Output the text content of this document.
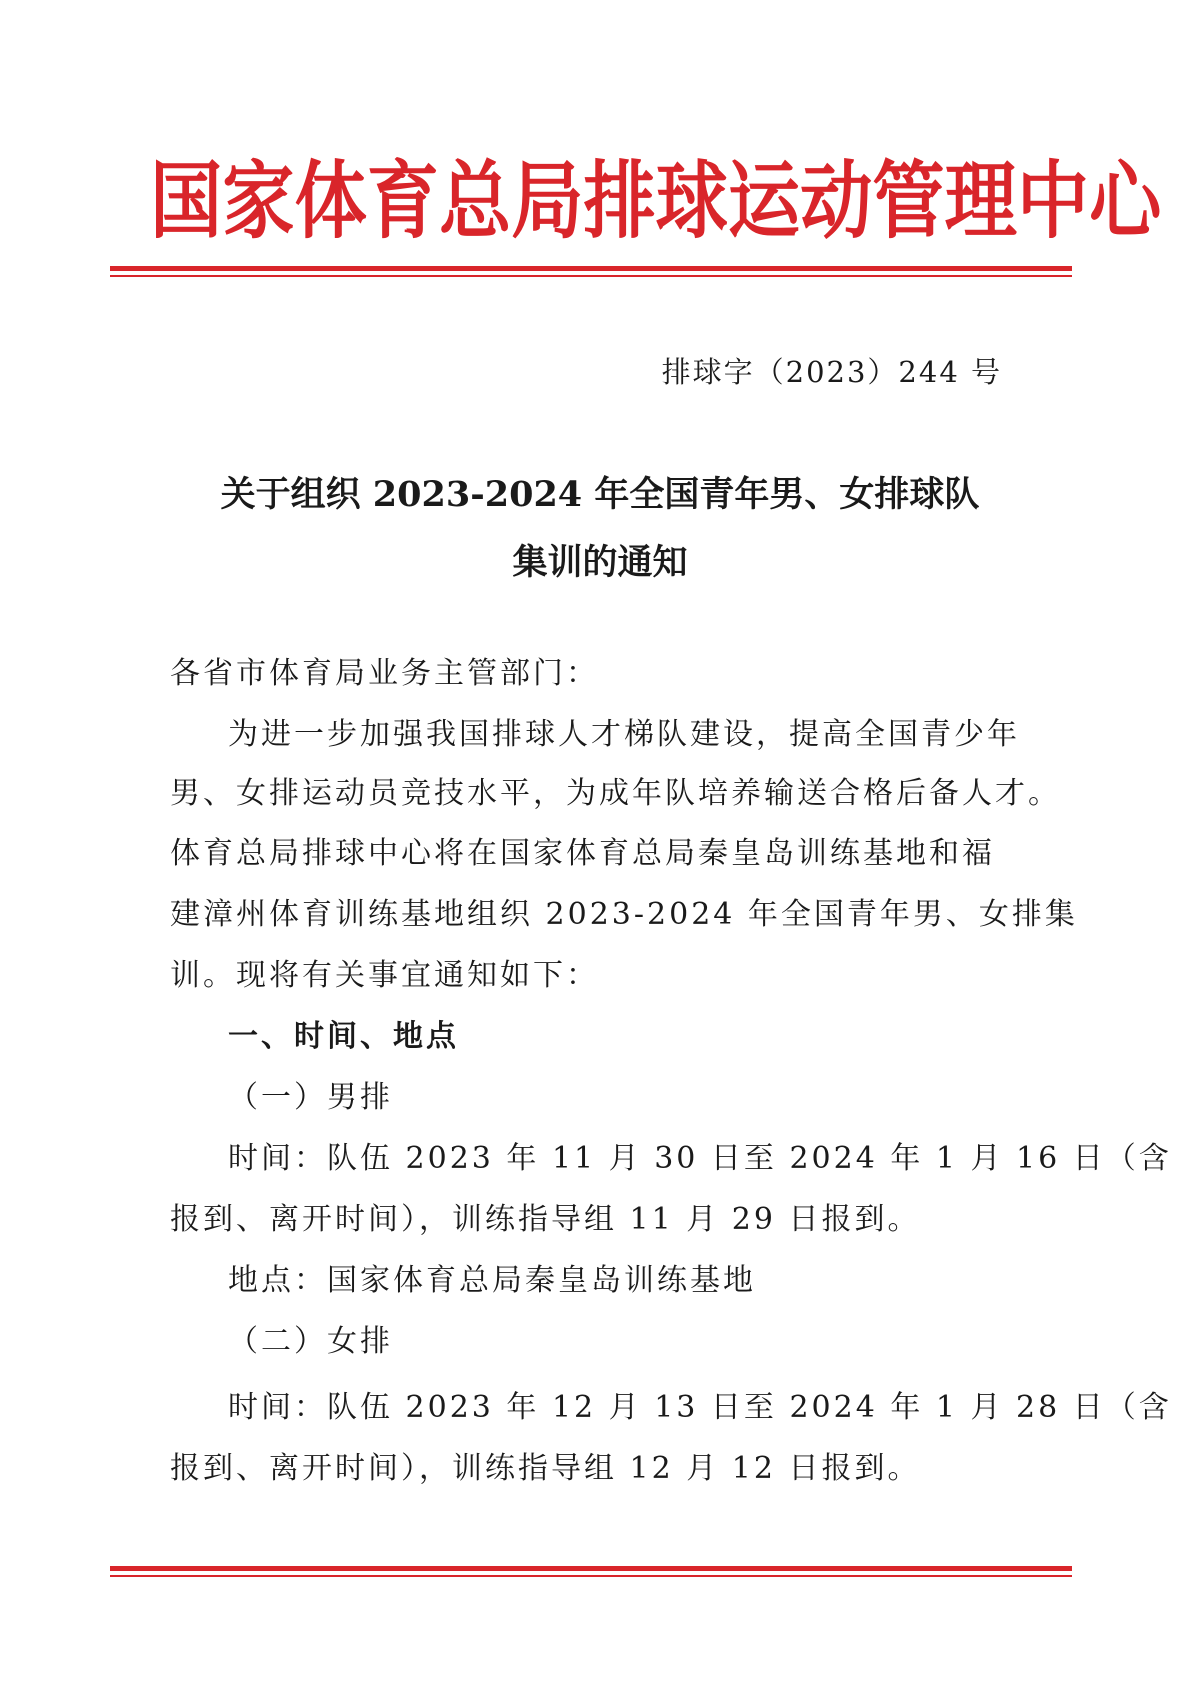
国家体育总局排球运动管理中心
排球字（2023）244 号
关于组织 2023-2024 年全国青年男、女排球队
集训的通知
各省市体育局业务主管部门：
为进一步加强我国排球人才梯队建设，提高全国青少年
男、女排运动员竞技水平，为成年队培养输送合格后备人才。
体育总局排球中心将在国家体育总局秦皇岛训练基地和福
建漳州体育训练基地组织 2023-2024 年全国青年男、女排集
训。现将有关事宜通知如下：
一、时间、地点
（一）男排
时间：队伍 2023 年 11 月 30 日至 2024 年 1 月 16 日（含
报到、离开时间），训练指导组 11 月 29 日报到。
地点：国家体育总局秦皇岛训练基地
（二）女排
时间：队伍 2023 年 12 月 13 日至 2024 年 1 月 28 日（含
报到、离开时间），训练指导组 12 月 12 日报到。
